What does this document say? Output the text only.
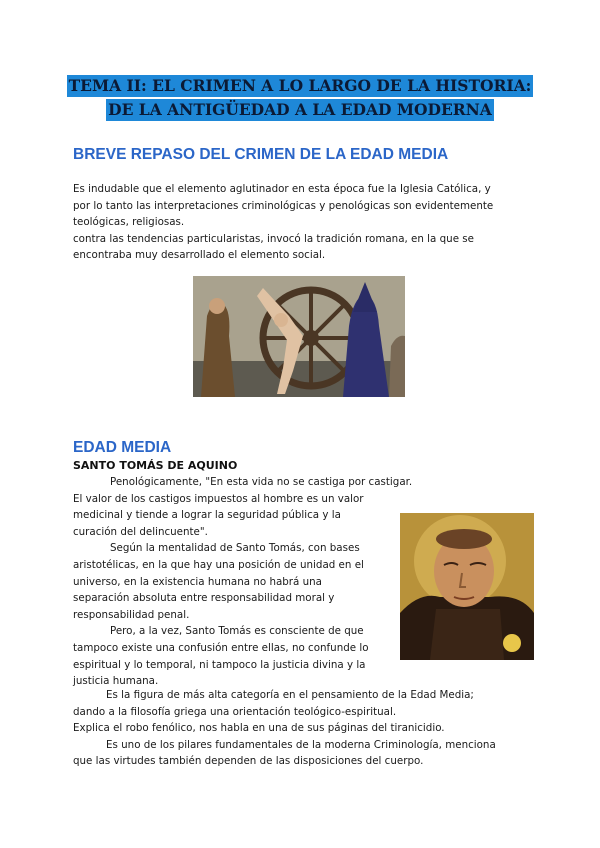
TEMA II: EL CRIMEN A LO LARGO DE LA HISTORIA:
DE LA ANTIGÜEDAD A LA EDAD MODERNA
BREVE REPASO DEL CRIMEN DE LA EDAD MEDIA

Es indudable que el elemento aglutinador en esta época fue la Iglesia Católica, y

por lo tanto las interpretaciones criminológicas y penológicas son evidentemente

teológicas, religiosas.

contra las tendencias particularistas, invocó la tradición romana, en la que se

encontraba muy desarrollado el elemento social.

EDAD MEDIA
SANTO TOMÁS DE AQUINO

Penológicamente, "En esta vida no se castiga por castigar.

El valor de los castigos impuestos al hombre es un valor

medicinal y tiende a lograr la seguridad pública y la

curación del delincuente".

Según la mentalidad de Santo Tomás, con bases

aristotélicas, en la que hay una posición de unidad en el

universo, en la existencia humana no habrá una

separación absoluta entre responsabilidad moral y

responsabilidad penal.

Pero, a la vez, Santo Tomás es consciente de que

tampoco existe una confusión entre ellas, no confunde lo

espiritual y lo temporal, ni tampoco la justicia divina y la

justicia humana.

Es la figura de más alta categoría en el pensamiento de la Edad Media;

dando a la filosofía griega una orientación teológico-espiritual.

Explica el robo fenólico, nos habla en una de sus páginas del tiranicidio.

Es uno de los pilares fundamentales de la moderna Criminología, menciona

que las virtudes también dependen de las disposiciones del cuerpo.
